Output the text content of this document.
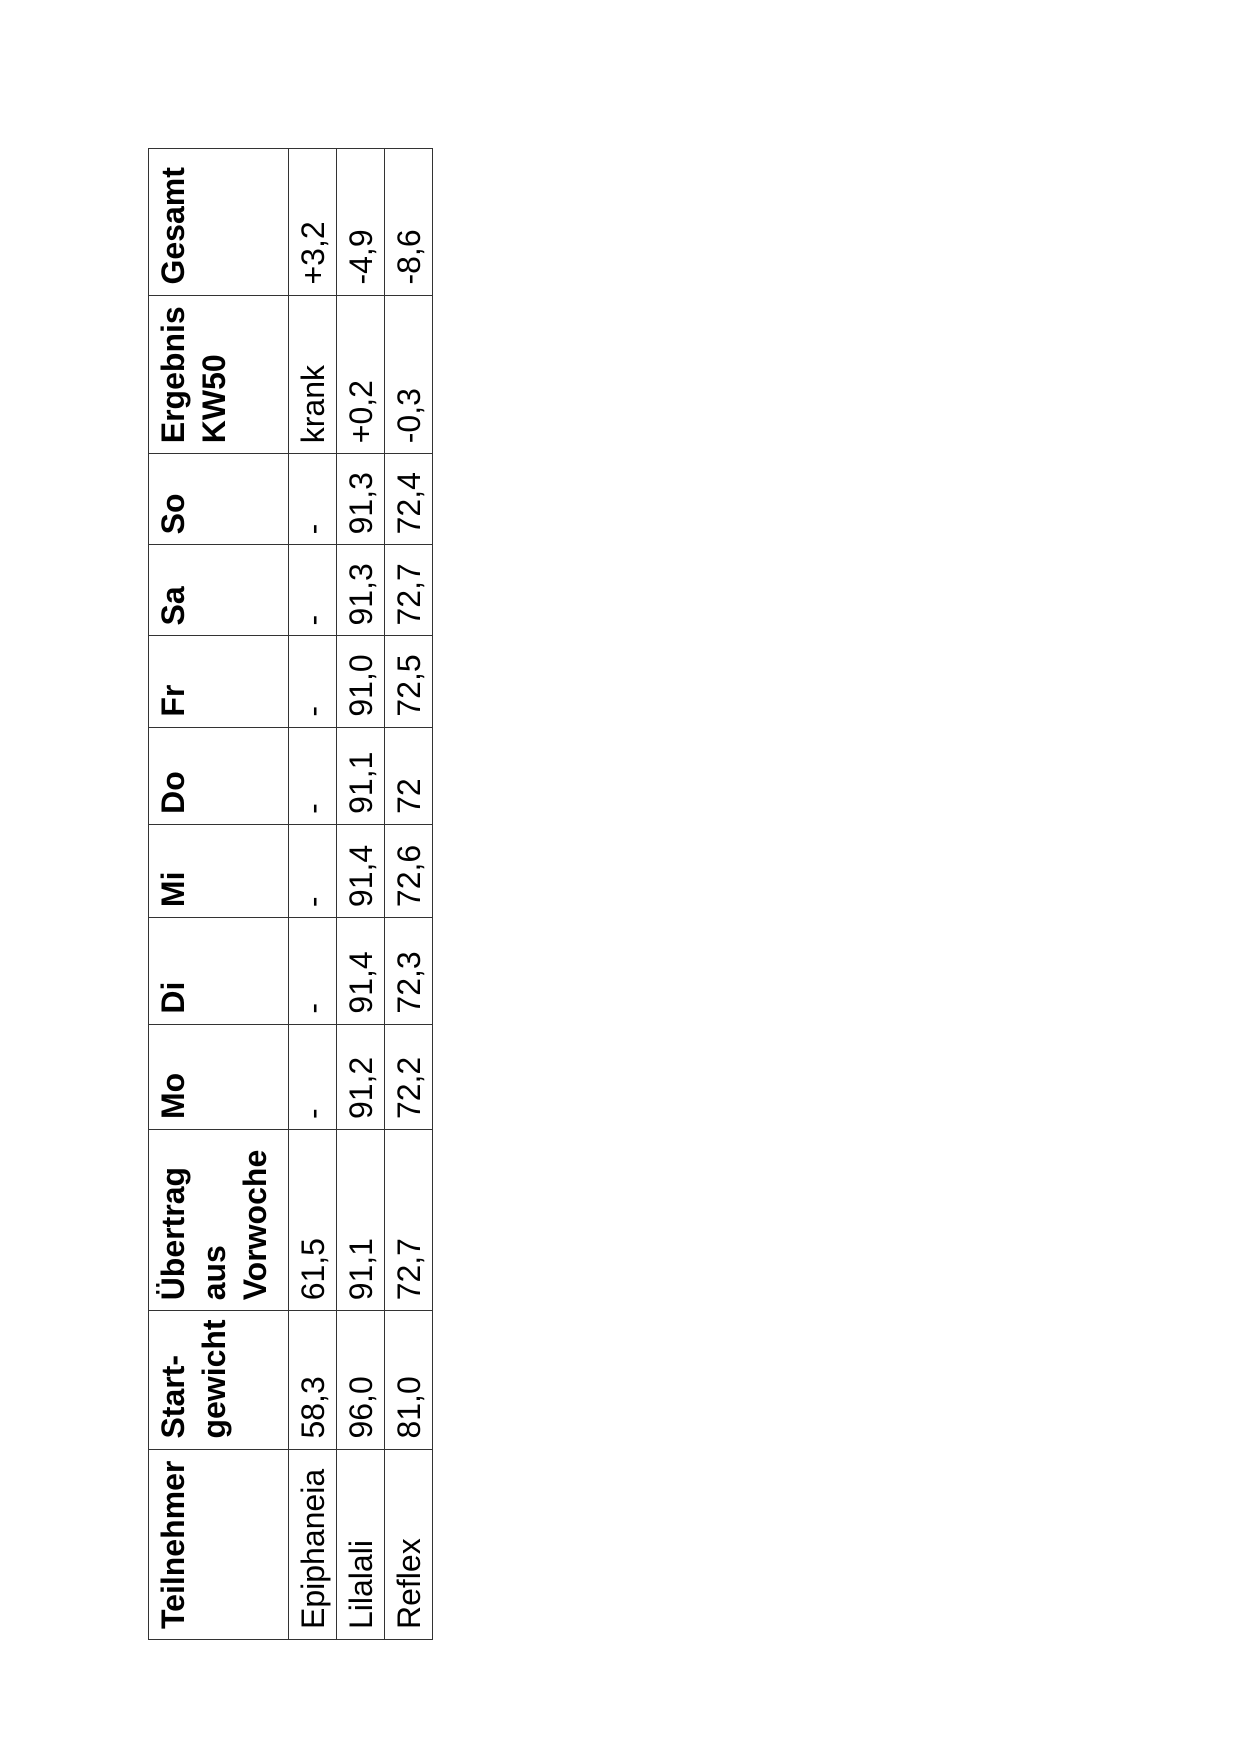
Teilnehmer	Start- gewicht	Übertrag aus Vorwoche	Mo	Di	Mi	Do	Fr	Sa	So	Ergebnis KW50	Gesamt

Epiphaneia	58,3	61,5	-	-	-	-	-	-	-	krank	+3,2
Lilalali	96,0	91,1	91,2	91,4	91,4	91,1	91,0	91,3	91,3	+0,2	-4,9
Reflex	81,0	72,7	72,2	72,3	72,6	72	72,5	72,7	72,4	-0,3	-8,6
